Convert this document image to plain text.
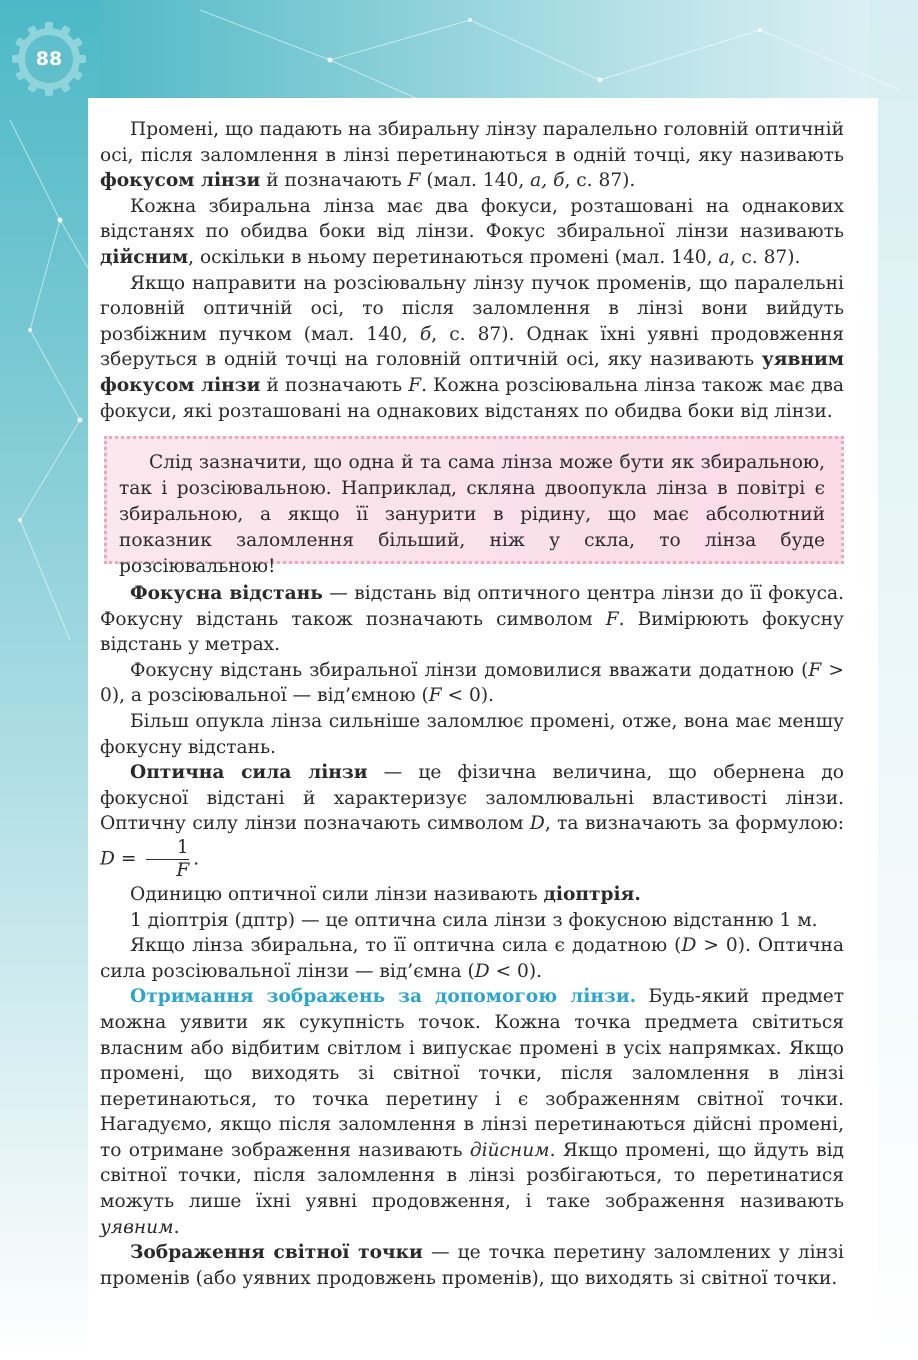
88

Промені, що падають на збиральну лінзу паралельно головній оптичній осі, після заломлення в лінзі перетинаються в одній точці, яку називають фокусом лінзи й позначають F (мал. 140, а, б, с. 87).

Кожна збиральна лінза має два фокуси, розташовані на однакових відстанях по обидва боки від лінзи. Фокус збиральної лінзи називають дійсним, оскільки в ньому перетинаються промені (мал. 140, а, с. 87).

Якщо направити на розсіювальну лінзу пучок променів, що паралельні головній оптичній осі, то після заломлення в лінзі вони вийдуть розбіжним пучком (мал. 140, б, с. 87). Однак їхні уявні продовження зберуться в одній точці на головній оптичній осі, яку називають уявним фокусом лінзи й позначають F. Кожна розсіювальна лінза також має два фокуси, які розташовані на однакових відстанях по обидва боки від лінзи.

Слід зазначити, що одна й та сама лінза може бути як збиральною, так і розсіювальною. Наприклад, скляна двоопукла лінза в повітрі є збиральною, а якщо її занурити в рідину, що має абсолютний показник заломлення більший, ніж у скла, то лінза буде розсіювальною!

Фокусна відстань — відстань від оптичного центра лінзи до її фокуса. Фокусну відстань також позначають символом F. Вимірюють фокусну відстань у метрах.

Фокусну відстань збиральної лінзи домовилися вважати додатною (F > 0), а розсіювальної — від’ємною (F < 0).

Більш опукла лінза сильніше заломлює промені, отже, вона має меншу фокусну відстань.

Оптична сила лінзи — це фізична величина, що обернена до фокусної відстані й характеризує заломлювальні властивості лінзи. Оптичну силу лінзи позначають символом D, та визначають за формулою: $D = \frac{1}{F}$ .

Одиницю оптичної сили лінзи називають діоптрія.

1 діоптрія (дптр) — це оптична сила лінзи з фокусною відстанню 1 м.

Якщо лінза збиральна, то її оптична сила є додатною (D > 0). Оптична сила розсіювальної лінзи — від’ємна (D < 0).

Отримання зображень за допомогою лінзи. Будь-який предмет можна уявити як сукупність точок. Кожна точка предмета світиться власним або відбитим світлом і випускає промені в усіх напрямках. Якщо промені, що виходять зі світної точки, після заломлення в лінзі перетинаються, то точка перетину і є зображенням світної точки. Нагадуємо, якщо після заломлення в лінзі перетинаються дійсні промені, то отримане зображення називають дійсним. Якщо промені, що йдуть від світної точки, після заломлення в лінзі розбігаються, то перетинатися можуть лише їхні уявні продовження, і таке зображення називають уявним.

Зображення світної точки — це точка перетину заломлених у лінзі променів (або уявних продовжень променів), що виходять зі світної точки.
